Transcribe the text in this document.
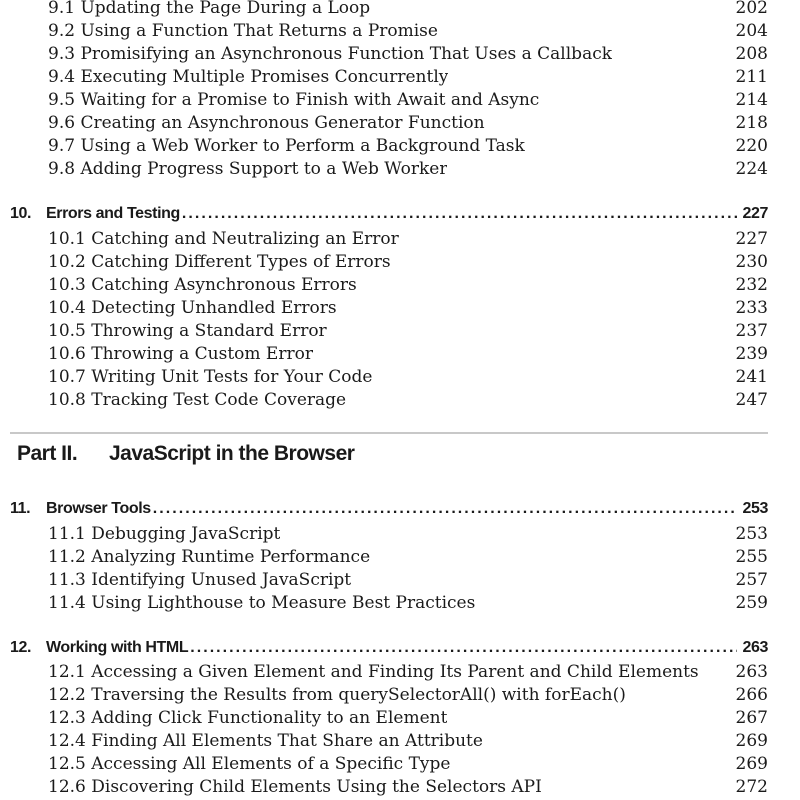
9.1 Updating the Page During a Loop	202
9.2 Using a Function That Returns a Promise	204
9.3 Promisifying an Asynchronous Function That Uses a Callback	208
9.4 Executing Multiple Promises Concurrently	211
9.5 Waiting for a Promise to Finish with Await and Async	214
9.6 Creating an Asynchronous Generator Function	218
9.7 Using a Web Worker to Perform a Background Task	220
9.8 Adding Progress Support to a Web Worker	224
10. Errors and Testing . . .	227
10.1 Catching and Neutralizing an Error	227
10.2 Catching Different Types of Errors	230
10.3 Catching Asynchronous Errors	232
10.4 Detecting Unhandled Errors	233
10.5 Throwing a Standard Error	237
10.6 Throwing a Custom Error	239
10.7 Writing Unit Tests for Your Code	241
10.8 Tracking Test Code Coverage	247
Part II.	JavaScript in the Browser
11. Browser Tools . . .	253
11.1 Debugging JavaScript	253
11.2 Analyzing Runtime Performance	255
11.3 Identifying Unused JavaScript	257
11.4 Using Lighthouse to Measure Best Practices	259
12. Working with HTML . . .	263
12.1 Accessing a Given Element and Finding Its Parent and Child Elements 263
12.2 Traversing the Results from querySelectorAll() with forEach()	266
12.3 Adding Click Functionality to an Element	267
12.4 Finding All Elements That Share an Attribute	269
12.5 Accessing All Elements of a Specific Type	269
12.6 Discovering Child Elements Using the Selectors API	272
